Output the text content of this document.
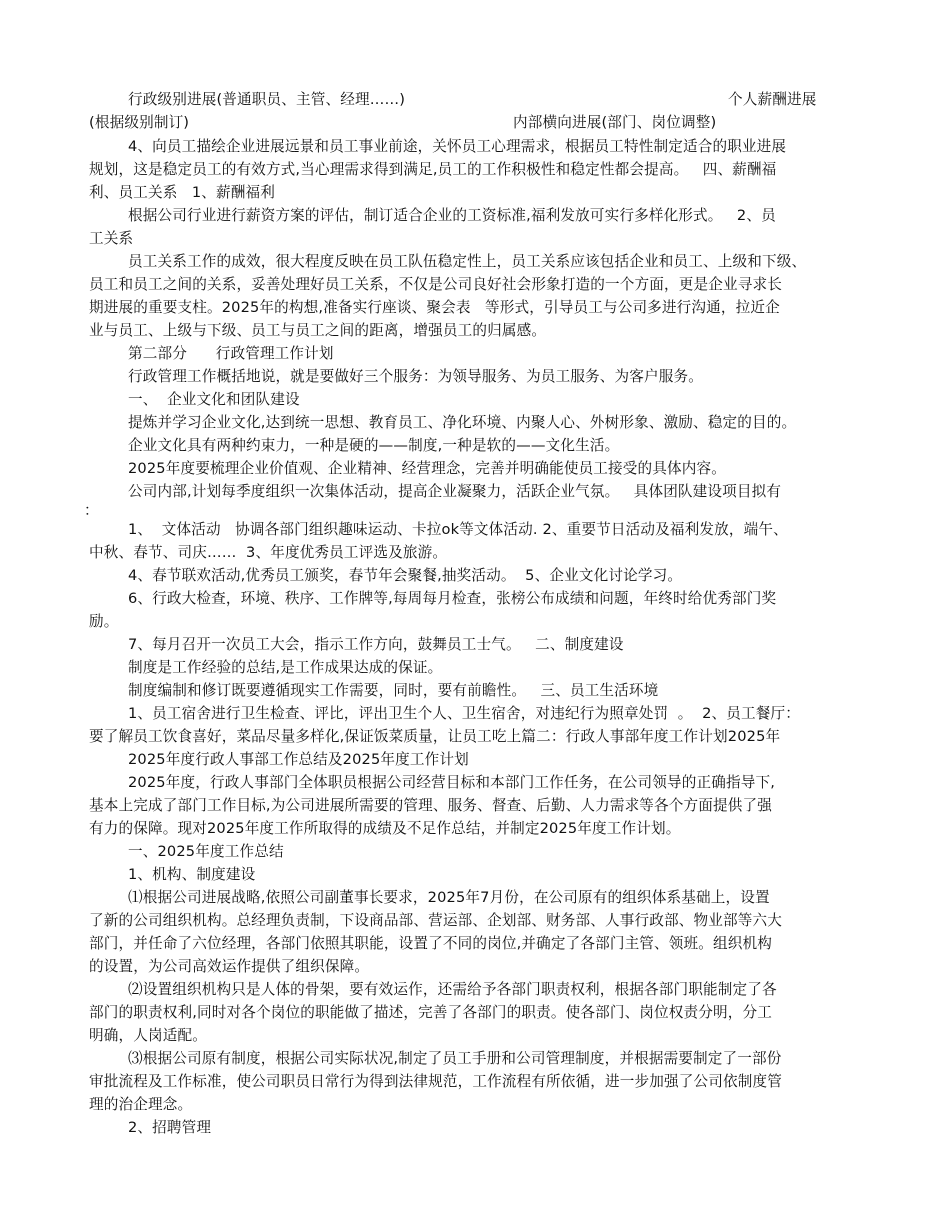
行政级别进展(普通职员、主管、经理……)	个人薪酬进展
(根据级别制订)	内部横向进展(部门、岗位调整)
4、向员工描绘企业进展远景和员工事业前途，关怀员工心理需求，根据员工特性制定适合的职业进展
规划，这是稳定员工的有效方式,当心理需求得到满足,员工的工作积极性和稳定性都会提高。   四、薪酬福
利、员工关系   1、薪酬福利
根据公司行业进行薪资方案的评估，制订适合企业的工资标准,福利发放可实行多样化形式。   2、员
工关系
员工关系工作的成效，很大程度反映在员工队伍稳定性上，员工关系应该包括企业和员工、上级和下级、
员工和员工之间的关系，妥善处理好员工关系，不仅是公司良好社会形象打造的一个方面，更是企业寻求长
期进展的重要支柱。2025年的构想,准备实行座谈、聚会表   等形式，引导员工与公司多进行沟通，拉近企
业与员工、上级与下级、员工与员工之间的距离，增强员工的归属感。
第二部分      行政管理工作计划
行政管理工作概括地说，就是要做好三个服务：为领导服务、为员工服务、为客户服务。
一、  企业文化和团队建设
提炼并学习企业文化,达到统一思想、教育员工、净化环境、内聚人心、外树形象、激励、稳定的目的。
企业文化具有两种约束力，一种是硬的——制度,一种是软的——文化生活。
2025年度要梳理企业价值观、企业精神、经营理念，完善并明确能使员工接受的具体内容。
公司内部,计划每季度组织一次集体活动，提高企业凝聚力，活跃企业气氛。   具体团队建设项目拟有
：
1、  文体活动   协调各部门组织趣味运动、卡拉ok等文体活动. 2、重要节日活动及福利发放，端午、
中秋、春节、司庆……  3、年度优秀员工评选及旅游。
4、春节联欢活动,优秀员工颁奖，春节年会聚餐,抽奖活动。  5、企业文化讨论学习。
6、行政大检查，环境、秩序、工作牌等,每周每月检查，张榜公布成绩和问题，年终时给优秀部门奖
励。
7、每月召开一次员工大会，指示工作方向，鼓舞员工士气。   二、制度建设
制度是工作经验的总结,是工作成果达成的保证。
制度编制和修订既要遵循现实工作需要，同时，要有前瞻性。   三、员工生活环境
1、员工宿舍进行卫生检查、评比，评出卫生个人、卫生宿舍，对违纪行为照章处罚  。  2、员工餐厅：
要了解员工饮食喜好，菜品尽量多样化,保证饭菜质量，让员工吃上篇二：行政人事部年度工作计划2025年
2025年度行政人事部工作总结及2025年度工作计划
2025年度，行政人事部门全体职员根据公司经营目标和本部门工作任务，在公司领导的正确指导下,
基本上完成了部门工作目标,为公司进展所需要的管理、服务、督查、后勤、人力需求等各个方面提供了强
有力的保障。现对2025年度工作所取得的成绩及不足作总结，并制定2025年度工作计划。
一、2025年度工作总结
1、机构、制度建设
⑴根据公司进展战略,依照公司副董事长要求，2025年7月份，在公司原有的组织体系基础上，设置
了新的公司组织机构。总经理负责制，下设商品部、营运部、企划部、财务部、人事行政部、物业部等六大
部门，并任命了六位经理，各部门依照其职能，设置了不同的岗位,并确定了各部门主管、领班。组织机构
的设置，为公司高效运作提供了组织保障。
⑵设置组织机构只是人体的骨架，要有效运作，还需给予各部门职责权利，根据各部门职能制定了各
部门的职责权利,同时对各个岗位的职能做了描述，完善了各部门的职责。使各部门、岗位权责分明，分工
明确，人岗适配。
⑶根据公司原有制度，根据公司实际状况,制定了员工手册和公司管理制度，并根据需要制定了一部份
审批流程及工作标准，使公司职员日常行为得到法律规范，工作流程有所依循，进一步加强了公司依制度管
理的治企理念。
2、招聘管理
